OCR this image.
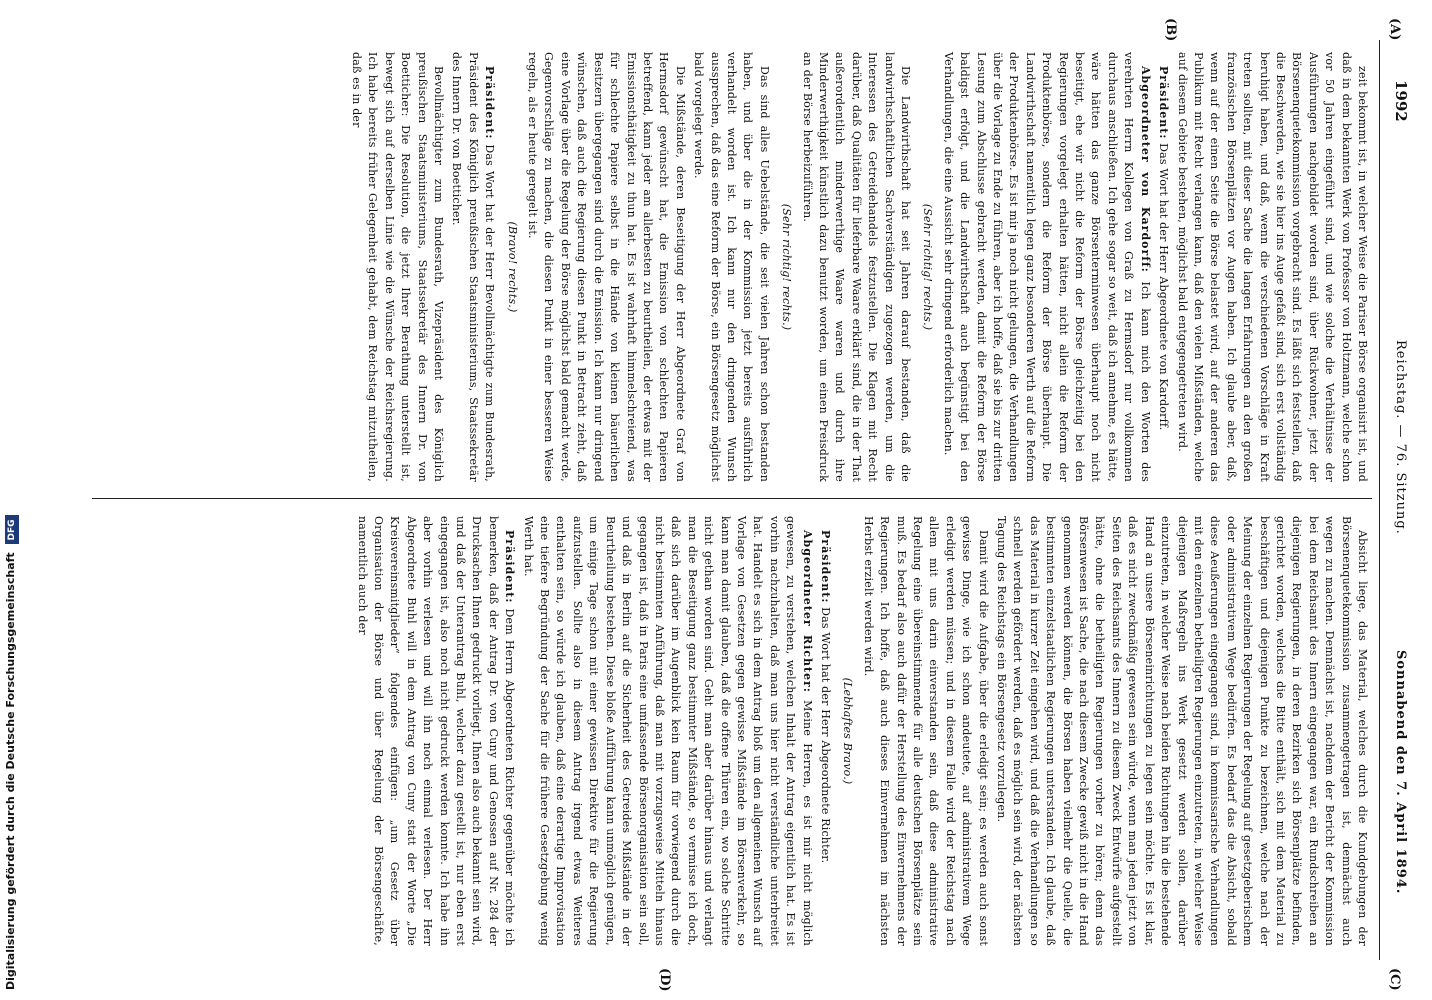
1992
Reichstag. — 76. Sitzung.
Sonnabend den 7. April 1894.
(A)
(B)
(C)
(D)

zeit bekommt ist, in welcher Weise die Pariser Börse organisirt ist, und daß in dem bekannten Werk von Professor von Holtzmann, welche schon vor 50 Jahren eingeführt sind, und wie solche die Verhältnisse der Ausführungen nachgebildet worden sind, über Rückwohner, jetzt der Börsenenquetekommission vorgebracht sind. Es läßt sich feststellen, daß die Beschwerden, wie sie hier ins Auge gefaßt sind, sich erst vollständig beruhigt haben, und daß, wenn die verschiedenen Vorschläge in Kraft treten sollten, mit dieser Sache die langen Erfahrungen an den großen französischen Börsenplätzen vor Augen haben. Ich glaube aber, daß, wenn auf der einen Seite die Börse belastet wird, auf der anderen das Publikum mit Recht verlangen kann, daß den vielen Mißständen, welche auf diesem Gebiete bestehen, möglichst bald entgegengetreten wird.

Präsident: Das Wort hat der Herr Abgeordnete von Kardorff.

Abgeordneter von Kardorff: Ich kann mich den Worten des verehrten Herrn Kollegen von Graß zu Hermsdorf nur vollkommen durchaus anschließen. Ich gehe sogar so weit, daß ich annehme, es hätte, wäre hätten das ganze Börsenterminwesen überhaupt noch nicht beseitigt, ehe wir nicht die Reform der Börse gleichzeitig bei den Regierungen vorgelegt erhalten hätten, nicht allein die Reform der Produktenbörse, sondern die Reform der Börse überhaupt. Die Landwirthschaft namentlich legen ganz besonderen Werth auf die Reform der Produktenbörse. Es ist mir ja noch nicht gelungen, die Verhandlungen über die Vorlage zu Ende zu führen, aber ich hoffe, daß sie bis zur dritten Lesung zum Abschlusse gebracht werden, damit die Reform der Börse baldigst erfolgt, und die Landwirthschaft auch begünstigt bei den Verhandlungen, die eine Aussicht sehr dringend erforderlich machen.

(Sehr richtig! rechts.)

Die Landwirthschaft hat seit Jahren darauf bestanden, daß die landwirthschaftlichen Sachverständigen zugezogen werden, um die Interessen des Getreidehandels festzustellen. Die Klagen mit Recht darüber, daß Qualitäten für lieferbare Waare erklärt sind, die in der That außerordentlich minderwerthige Waare waren und durch ihre Minderwerthigkeit künstlich dazu benutzt worden, um einen Preisdruck an der Börse herbeizuführen.

(Sehr richtig! rechts.)

Das sind alles Uebelstände, die seit vielen Jahren schon bestanden haben, und über die in der Kommission jetzt bereits ausführlich verhandelt worden ist. Ich kann nur den dringenden Wunsch aussprechen, daß das eine Reform der Börse, ein Börsengesetz möglichst bald vorgelegt werde.

Die Mißstände, deren Beseitigung der Herr Abgeordnete Graf von Hermsdorf gewünscht hat, die Emission von schlechten Papieren betreffend, kann jeder am allerbesten zu beurtheilen, der etwas mit der Emissionsthätigkeit zu thun hat. Es ist wahrhaft himmelschreiend, was für schlechte Papiere selbst in die Hände von kleinen bäuerlichen Besitzern übergegangen sind durch die Emission. Ich kann nur dringend wünschen, daß auch die Regierung diesen Punkt in Betracht zieht, daß eine Vorlage über die Regelung der Börse möglichst bald gemacht werde, Gegenvorschläge zu machen, die diesen Punkt in einer besseren Weise regeln, als er heute geregelt ist.

(Bravo! rechts.)

Präsident: Das Wort hat der Herr Bevollmächtigte zum Bundesrath, Präsident des Königlich preußischen Staatsministeriums, Staatssekretär des Innern Dr. von Boetticher.

Bevollmächtigter zum Bundesrath, Vizepräsident des Königlich preußischen Staatsministeriums, Staatssekretär des Innern Dr. von Boetticher: Die Resolution, die jetzt Ihrer Berathung unterstellt ist, bewegt sich auf derselben Linie wie die Wünsche der Reichsregierung. Ich habe bereits früher Gelegenheit gehabt, dem Reichstag mitzutheilen, daß es in der

Absicht liege, das Material, welches durch die Kundgebungen der Börsenenquetekommission zusammengetragen ist, demnächst auch wegen zu machen. Demnächst ist, nachdem der Bericht der Kommission bei dem Reichsamt des Innern eingegangen war, ein Rundschreiben an diejenigen Regierungen, in deren Bezirken sich Börsenplätze befinden, gerichtet worden, welches die Bitte enthält, sich mit dem Material zu beschäftigen und diejenigen Punkte zu bezeichnen, welche nach der Meinung der einzelnen Regierungen der Regelung auf gesetzgeberischem oder administrativem Wege bedürfen. Es bedarf das die Absicht, sobald diese Aeußerungen eingegangen sind, in kommissarische Verhandlungen mit den einzelnen betheiligten Regierungen einzutreten, in welcher Weise diejenigen Maßregeln ins Werk gesetzt werden sollen, darüber einzutreten, in welcher Weise nach beiden Richtungen hin die bestehende Hand an unsere Börseneinrichtungen zu legen sein möchte. Es ist klar, daß es nicht zweckmäßig gewesen sein würde, wenn man jeden jetzt von Seiten des Reichsamts des Innern zu diesem Zweck Entwürfe aufgestellt hätte, ohne die betheiligten Regierungen vorher zu hören; denn das Börsenwesen ist Sache, die nach diesem Zwecke gewiß nicht in die Hand genommen werden können, die Börsen haben vielmehr die Quelle, die bestimmten einzelstaatlichen Regierungen unterstanden. Ich glaube, daß das Material in kurzer Zeit eingehen wird, und daß die Verhandlungen so schnell werden gefördert werden, daß es möglich sein wird, der nächsten Tagung des Reichstags ein Börsengesetz vorzulegen.

Damit wird die Aufgabe, über die erledigt sein; es werden auch sonst gewisse Dinge, wie ich schon andeutete, auf administrativem Wege erledigt werden müssen; und in diesem Falle wird der Reichstag nach allem mit uns darin einverstanden sein, daß diese administrative Regelung eine übereinstimmende für alle deutschen Börsenplätze sein muß. Es bedarf also auch dafür der Herstellung des Einvernehmens der Regierungen. Ich hoffe, daß auch dieses Einvernehmen im nächsten Herbst erzielt werden wird.

(Lebhaftes Bravo.)

Präsident: Das Wort hat der Herr Abgeordnete Richter.

Abgeordneter Richter: Meine Herren, es ist mir nicht möglich gewesen, zu verstehen, welchen Inhalt der Antrag eigentlich hat. Es ist vorhin nachzuhalten, daß man uns hier nicht verständliche unterbreitet hat. Handelt es sich in dem Antrag bloß um den allgemeinen Wunsch auf Vorlage von Gesetzen gegen gewisse Mißstände im Börsenverkehr, so kann man damit glauben, daß die offene Thüren ein, wo solche Schritte nicht gethan worden sind. Geht man aber darüber hinaus und verlangt man die Beseitigung ganz bestimmter Mißstände, so vermisse ich doch, daß sich darüber im Augenblick kein Raum für vorwiegend durch die nicht bestimmten Anführung, daß man mit vorzugsweise Mitteln hinaus gegangen ist, daß in Paris eine umfassende Börsenorganisation sein soll, und daß in Berlin auf die Sicherheit des Getreides Mißstände in der Beurtheilung bestehen. Diese bloße Aufführung kann unmöglich genügen, um einige Tage schon mit einer gewissen Direktive für die Regierung aufzustellen. Sollte also in diesem Antrag irgend etwas Weiteres enthalten sein, so würde ich glauben, daß eine derartige Improvisation eine tiefere Begründung der Sache für die frühere Gesetzgebung wenig Werth hat.

Präsident: Dem Herrn Abgeordneten Richter gegenüber möchte ich bemerken, daß der Antrag Dr. von Cuny und Genossen auf Nr. 284 der Drucksachen Ihnen gedruckt vorliegt, Ihnen also auch bekannt sein wird, und daß der Unterantrag Buhl, welcher dazu gestellt ist, nur eben erst eingegangen ist, also noch nicht gedruckt werden konnte. Ich habe ihn aber vorhin verlesen und will ihn noch einmal verlesen. Der Herr Abgeordnete Buhl will in dem Antrag von Cuny statt der Worte „Die Kreisvereinsmitglieder“ folgendes einfügen: „um Gesetz über Organisation der Börse und über Regelung der Börsengeschäfte, namentlich auch der

Digitalisierung gefördert durch die Deutsche Forschungsgemeinschaft DFG
